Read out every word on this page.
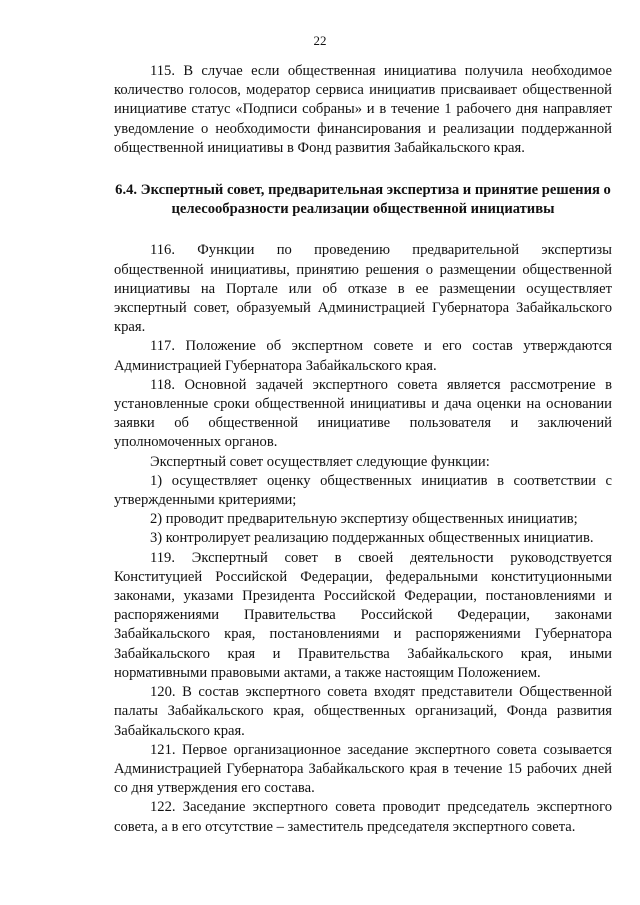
22

115. В случае если общественная инициатива получила необходимое количество голосов, модератор сервиса инициатив присваивает общественной инициативе статус «Подписи собраны» и в течение 1 рабочего дня направляет уведомление о необходимости финансирования и реализации поддержанной общественной инициативы в Фонд развития Забайкальского края.

6.4. Экспертный совет, предварительная экспертиза и принятие решения о целесообразности реализации общественной инициативы

116. Функции по проведению предварительной экспертизы общественной инициативы, принятию решения о размещении общественной инициативы на Портале или об отказе в ее размещении осуществляет экспертный совет, образуемый Администрацией Губернатора Забайкальского края.

117. Положение об экспертном совете и его состав утверждаются Администрацией Губернатора Забайкальского края.

118. Основной задачей экспертного совета является рассмотрение в установленные сроки общественной инициативы и дача оценки на основании заявки об общественной инициативе пользователя и заключений уполномоченных органов.

Экспертный совет осуществляет следующие функции:

1) осуществляет оценку общественных инициатив в соответствии с утвержденными критериями;

2) проводит предварительную экспертизу общественных инициатив;

3) контролирует реализацию поддержанных общественных инициатив.

119. Экспертный совет в своей деятельности руководствуется Конституцией Российской Федерации, федеральными конституционными законами, указами Президента Российской Федерации, постановлениями и распоряжениями Правительства Российской Федерации, законами Забайкальского края, постановлениями и распоряжениями Губернатора Забайкальского края и Правительства Забайкальского края, иными нормативными правовыми актами, а также настоящим Положением.

120. В состав экспертного совета входят представители Общественной палаты Забайкальского края, общественных организаций, Фонда развития Забайкальского края.

121. Первое организационное заседание экспертного совета созывается Администрацией Губернатора Забайкальского края в течение 15 рабочих дней со дня утверждения его состава.

122. Заседание экспертного совета проводит председатель экспертного совета, а в его отсутствие – заместитель председателя экспертного совета.
